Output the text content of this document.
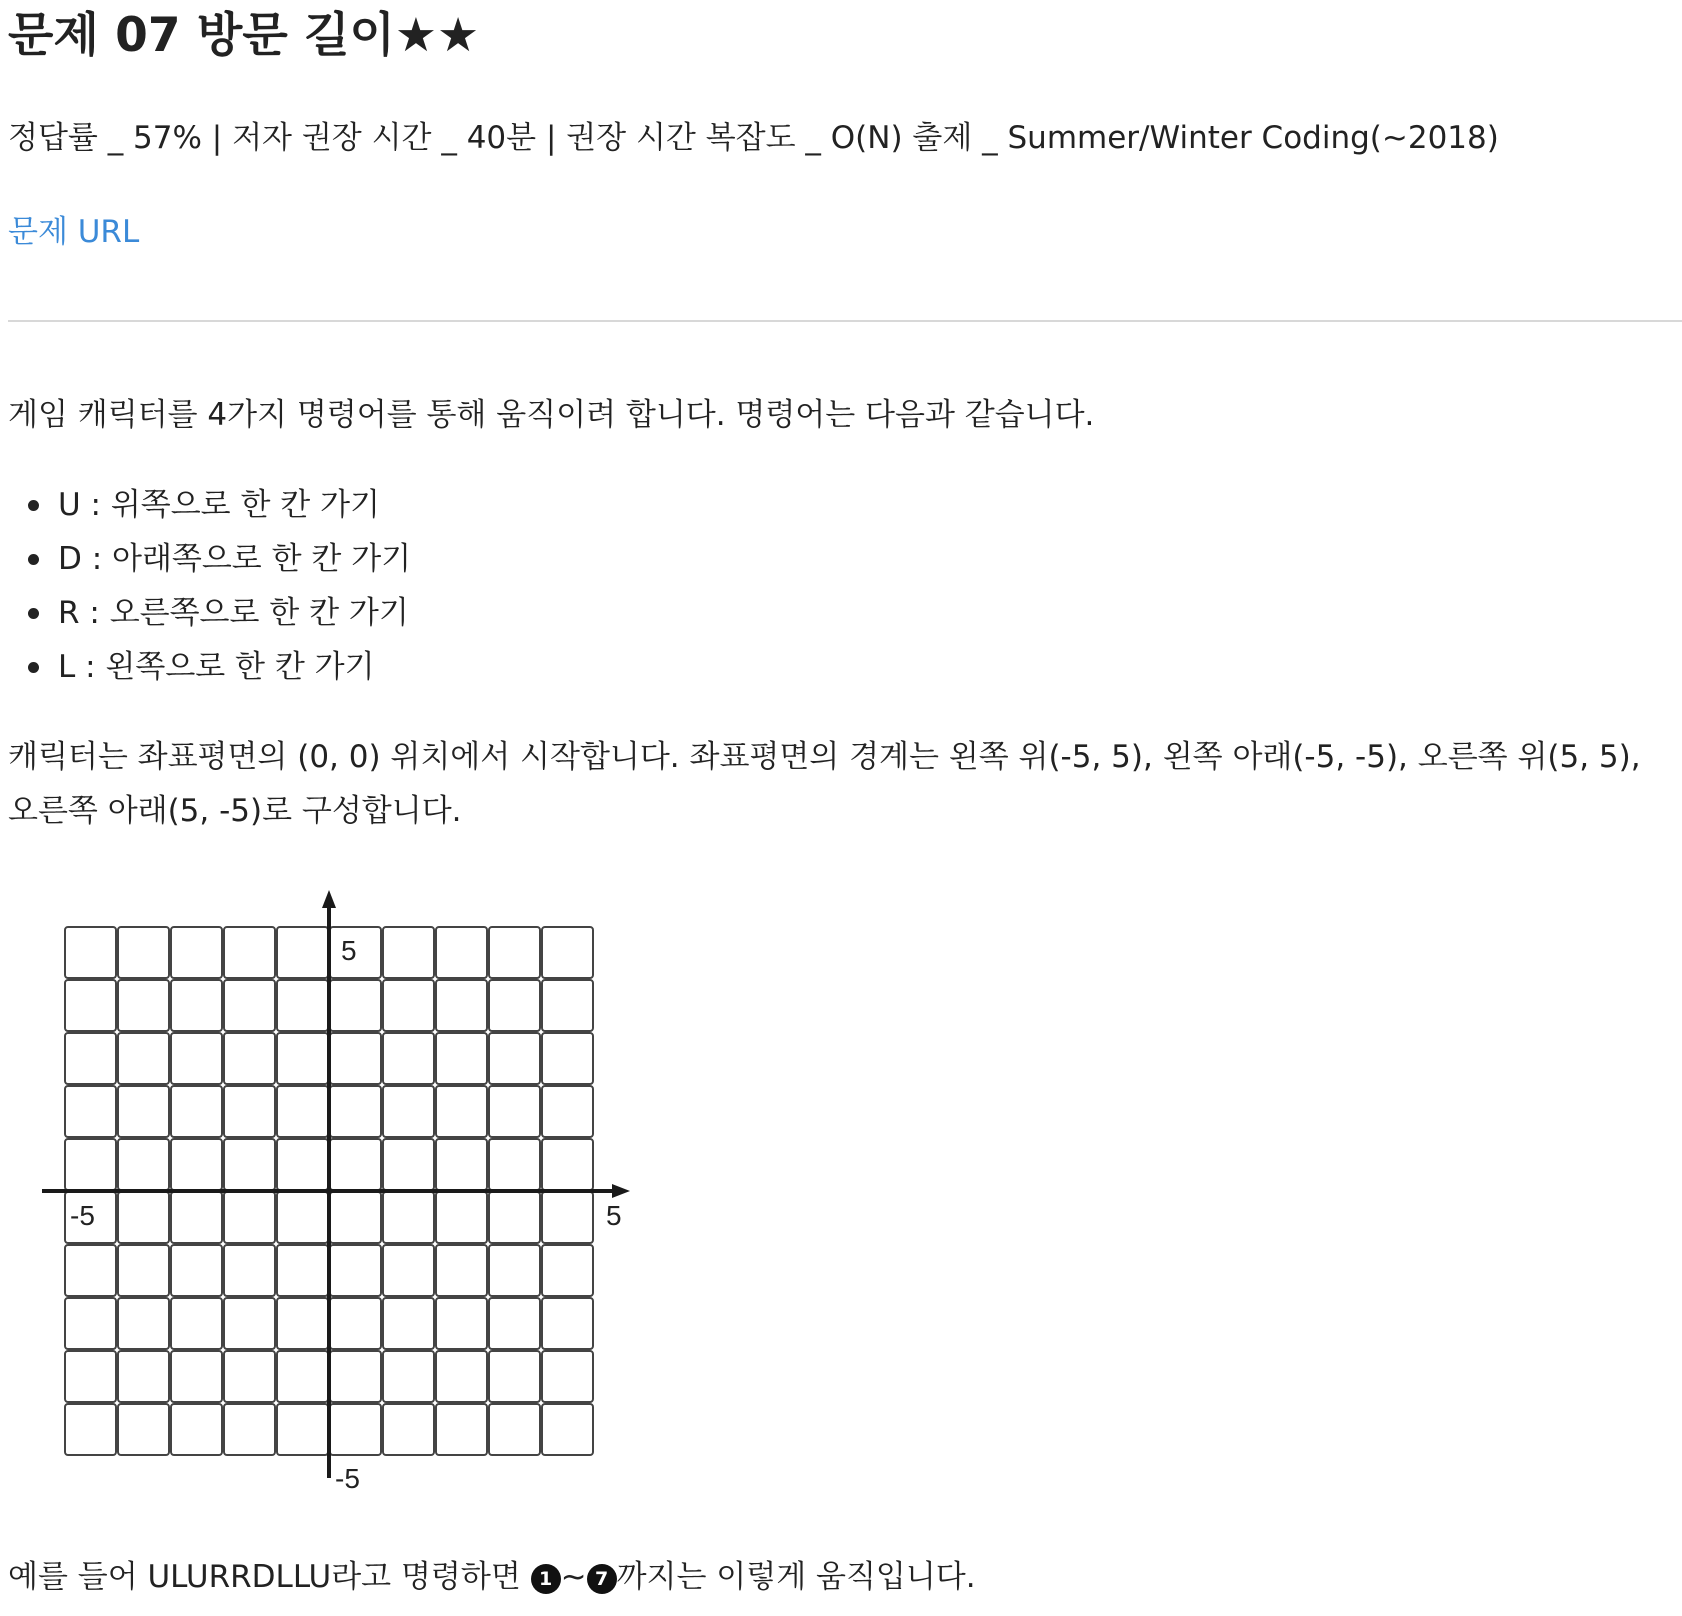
문제 07 방문 길이★★
정답률 _ 57% | 저자 권장 시간 _ 40분 | 권장 시간 복잡도 _ O(N) 출제 _ Summer/Winter Coding(~2018)
문제 URL
게임 캐릭터를 4가지 명령어를 통해 움직이려 합니다. 명령어는 다음과 같습니다.
U : 위쪽으로 한 칸 가기
D : 아래쪽으로 한 칸 가기
R : 오른쪽으로 한 칸 가기
L : 왼쪽으로 한 칸 가기
캐릭터는 좌표평면의 (0, 0) 위치에서 시작합니다. 좌표평면의 경계는 왼쪽 위(-5, 5), 왼쪽 아래(-5, -5), 오른쪽 위(5, 5), 오른쪽 아래(5, -5)로 구성합니다.
5
-5
-5	5
예를 들어 ULURRDLLU라고 명령하면 1 ~ 7 까지는 이렇게 움직입니다.
